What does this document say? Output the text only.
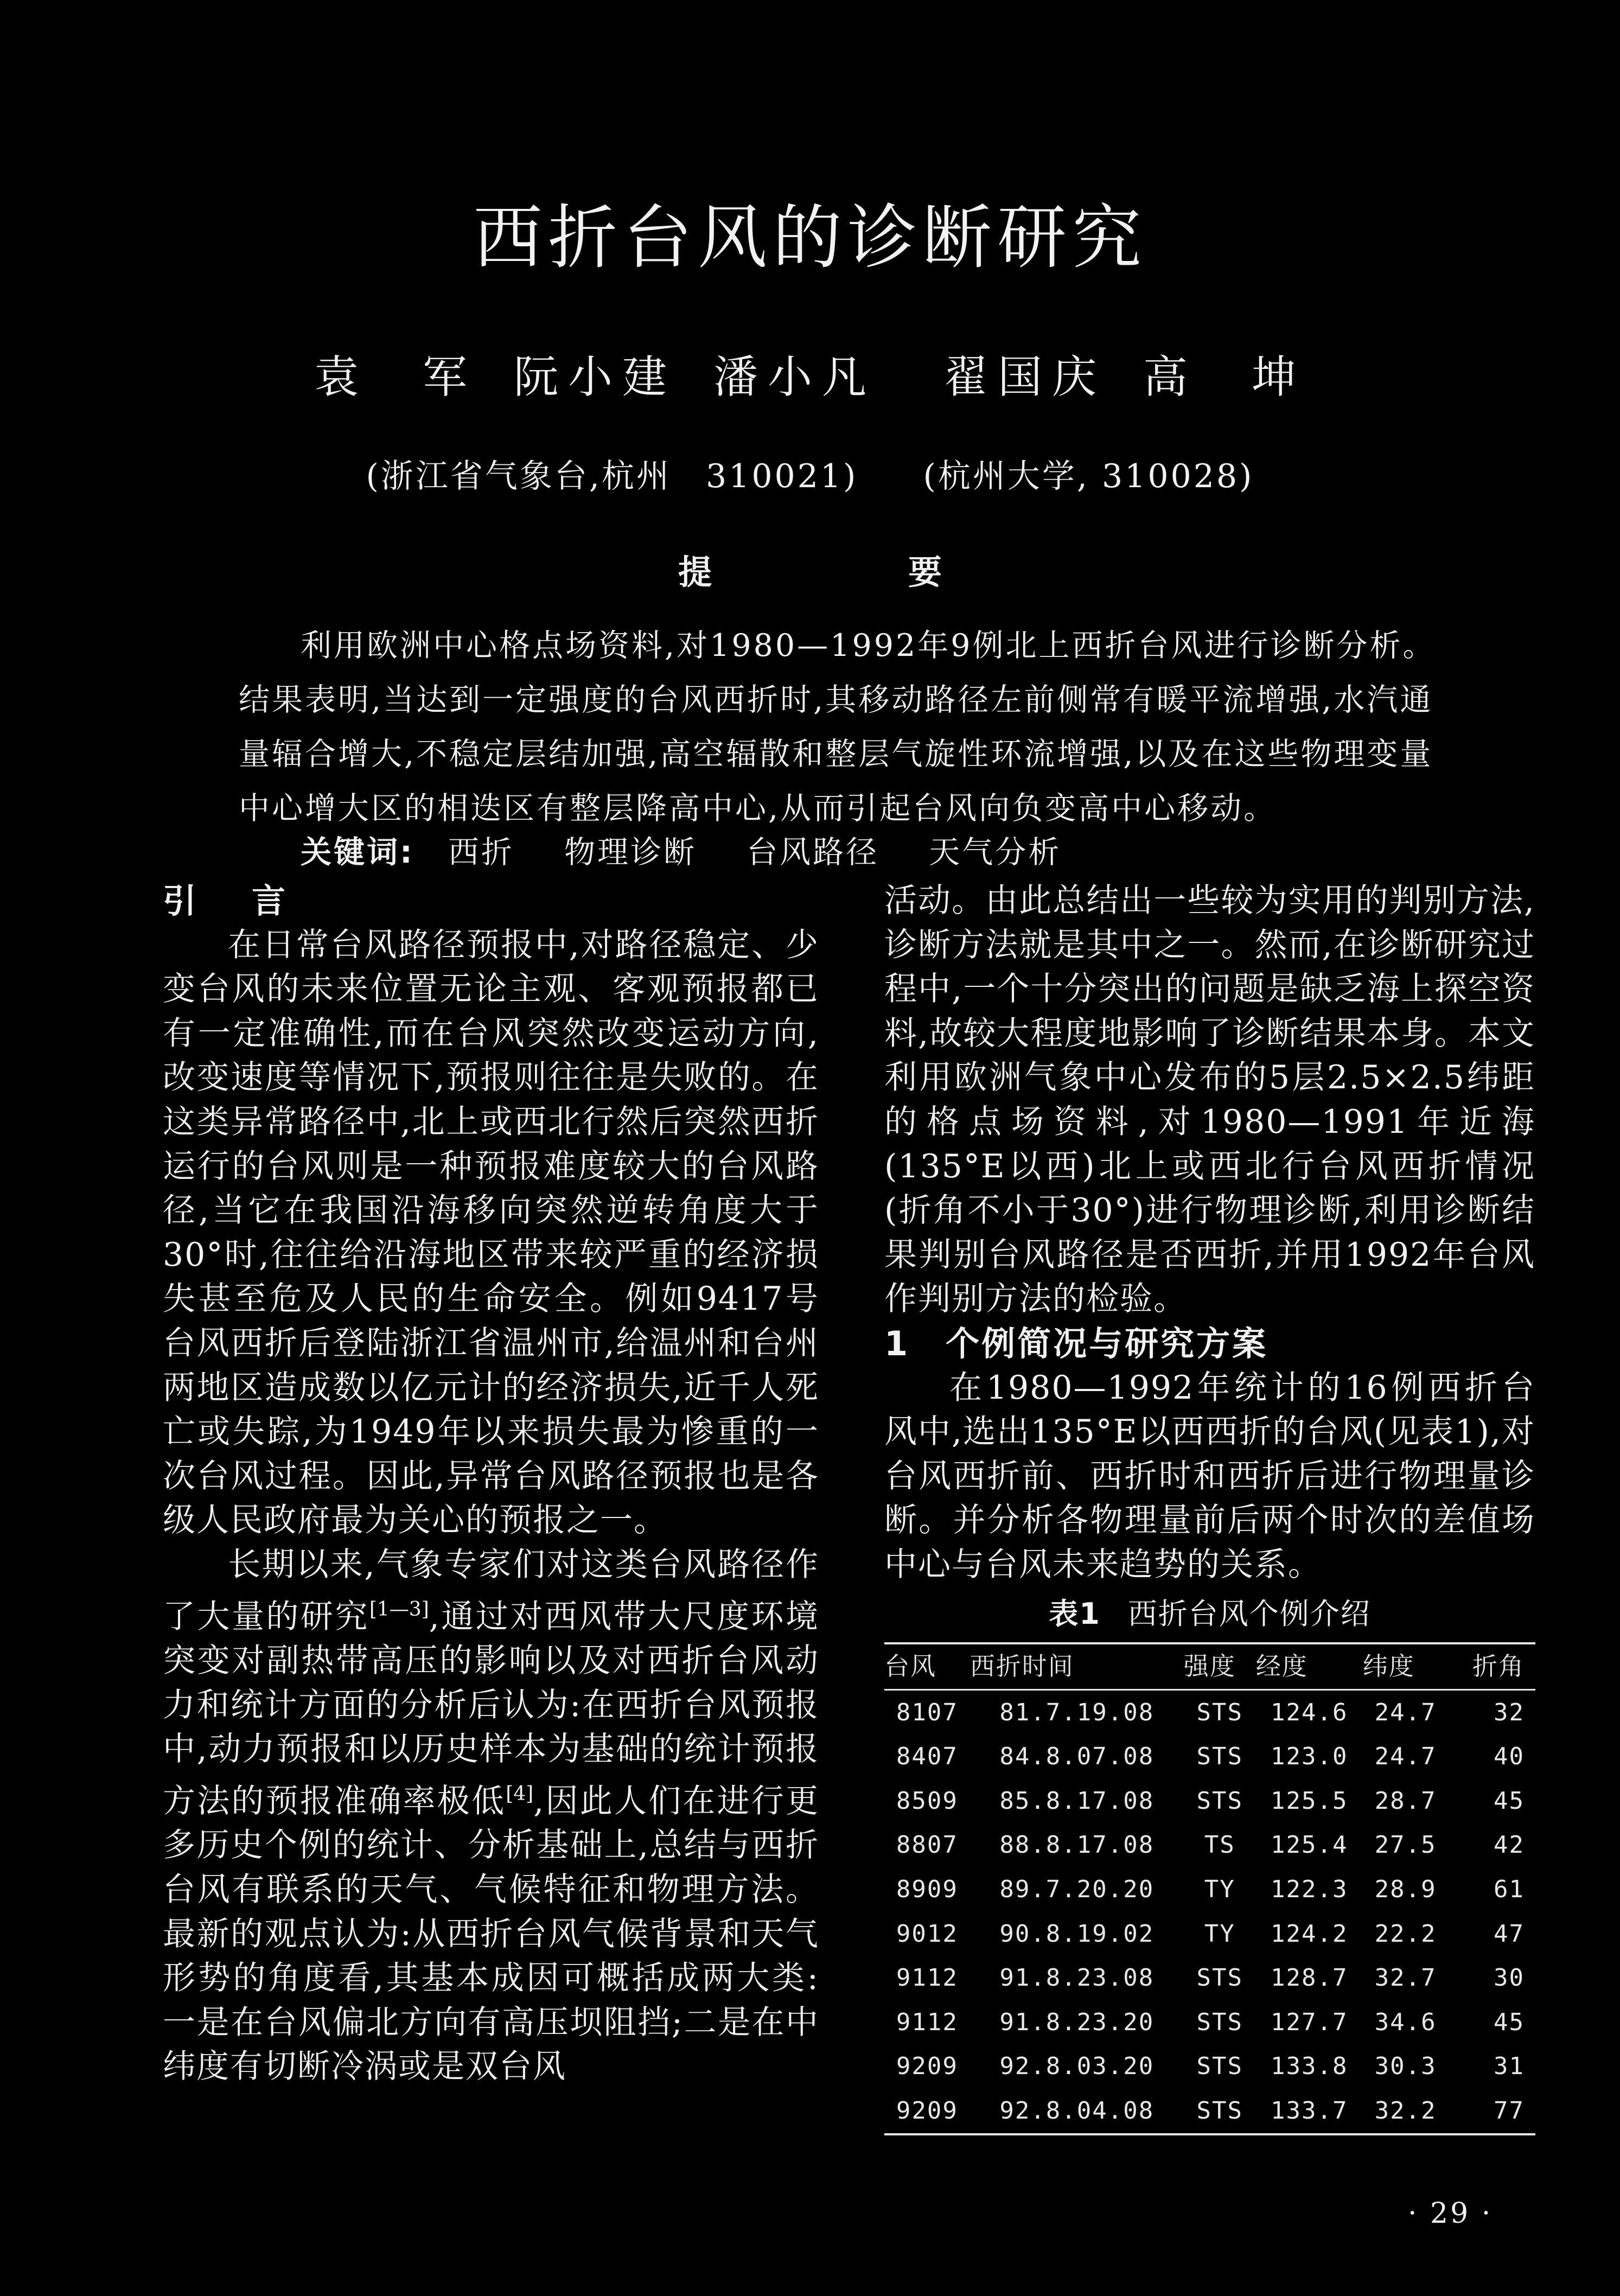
西折台风的诊断研究
袁　军 阮小建 潘小凡 翟国庆 高　坤
(浙江省气象台,杭州　310021) (杭州大学, 310028)
提　要

利用欧洲中心格点场资料,对1980—1992年9例北上西折台风进行诊断分析。结果表明,当达到一定强度的台风西折时,其移动路径左前侧常有暖平流增强,水汽通量辐合增大,不稳定层结加强,高空辐散和整层气旋性环流增强,以及在这些物理变量中心增大区的相迭区有整层降高中心,从而引起台风向负变高中心移动。

关键词: 西折 物理诊断 台风路径 天气分析
引　言

在日常台风路径预报中,对路径稳定、少变台风的未来位置无论主观、客观预报都已有一定准确性,而在台风突然改变运动方向,改变速度等情况下,预报则往往是失败的。在这类异常路径中,北上或西北行然后突然西折运行的台风则是一种预报难度较大的台风路径,当它在我国沿海移向突然逆转角度大于30°时,往往给沿海地区带来较严重的经济损失甚至危及人民的生命安全。例如9417号台风西折后登陆浙江省温州市,给温州和台州两地区造成数以亿元计的经济损失,近千人死亡或失踪,为1949年以来损失最为惨重的一次台风过程。因此,异常台风路径预报也是各级人民政府最为关心的预报之一。

长期以来,气象专家们对这类台风路径作了大量的研究[1—3],通过对西风带大尺度环境突变对副热带高压的影响以及对西折台风动力和统计方面的分析后认为:在西折台风预报中,动力预报和以历史样本为基础的统计预报方法的预报准确率极低[4],因此人们在进行更多历史个例的统计、分析基础上,总结与西折台风有联系的天气、气候特征和物理方法。最新的观点认为:从西折台风气候背景和天气形势的角度看,其基本成因可概括成两大类:一是在台风偏北方向有高压坝阻挡;二是在中纬度有切断冷涡或是双台风

活动。由此总结出一些较为实用的判别方法,诊断方法就是其中之一。然而,在诊断研究过程中,一个十分突出的问题是缺乏海上探空资料,故较大程度地影响了诊断结果本身。本文利用欧洲气象中心发布的5层2.5×2.5纬距的格点场资料,对1980—1991年近海(135°E以西)北上或西北行台风西折情况(折角不小于30°)进行物理诊断,利用诊断结果判别台风路径是否西折,并用1992年台风作判别方法的检验。

1　个例简况与研究方案

在1980—1992年统计的16例西折台风中,选出135°E以西西折的台风(见表1),对台风西折前、西折时和西折后进行物理量诊断。并分析各物理量前后两个时次的差值场中心与台风未来趋势的关系。

表1 西折台风个例介绍
台风	西折时间	强度	经度	纬度	折角
8107	81.7.19.08	STS	124.6	24.7	32
8407	84.8.07.08	STS	123.0	24.7	40
8509	85.8.17.08	STS	125.5	28.7	45
8807	88.8.17.08	TS	125.4	27.5	42
8909	89.7.20.20	TY	122.3	28.9	61
9012	90.8.19.02	TY	124.2	22.2	47
9112	91.8.23.08	STS	128.7	32.7	30
9112	91.8.23.20	STS	127.7	34.6	45
9209	92.8.03.20	STS	133.8	30.3	31
9209	92.8.04.08	STS	133.7	32.2	77
· 29 ·
